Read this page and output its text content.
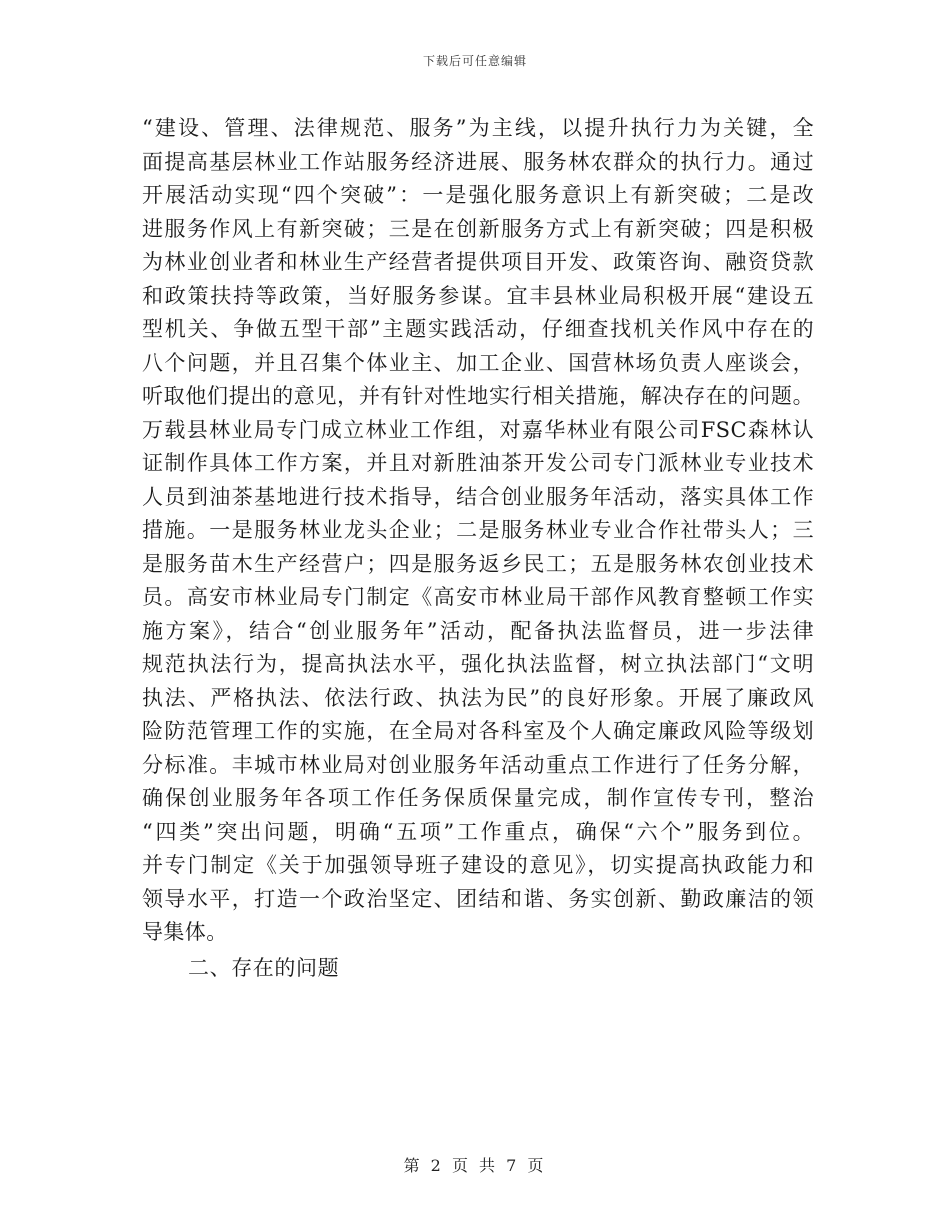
下载后可任意编辑
“建设、管理、法律规范、服务”为主线，以提升执行力为关键，全
面提高基层林业工作站服务经济进展、服务林农群众的执行力。通过
开展活动实现“四个突破”：一是强化服务意识上有新突破；二是改
进服务作风上有新突破；三是在创新服务方式上有新突破；四是积极
为林业创业者和林业生产经营者提供项目开发、政策咨询、融资贷款
和政策扶持等政策，当好服务参谋。宜丰县林业局积极开展“建设五
型机关、争做五型干部”主题实践活动，仔细查找机关作风中存在的
八个问题，并且召集个体业主、加工企业、国营林场负责人座谈会，
听取他们提出的意见，并有针对性地实行相关措施，解决存在的问题。
万载县林业局专门成立林业工作组，对嘉华林业有限公司FSC森林认
证制作具体工作方案，并且对新胜油茶开发公司专门派林业专业技术
人员到油茶基地进行技术指导，结合创业服务年活动，落实具体工作
措施。一是服务林业龙头企业；二是服务林业专业合作社带头人；三
是服务苗木生产经营户；四是服务返乡民工；五是服务林农创业技术
员。高安市林业局专门制定《高安市林业局干部作风教育整顿工作实
施方案》，结合“创业服务年”活动，配备执法监督员，进一步法律
规范执法行为，提高执法水平，强化执法监督，树立执法部门“文明
执法、严格执法、依法行政、执法为民”的良好形象。开展了廉政风
险防范管理工作的实施，在全局对各科室及个人确定廉政风险等级划
分标准。丰城市林业局对创业服务年活动重点工作进行了任务分解，
确保创业服务年各项工作任务保质保量完成，制作宣传专刊，整治
“四类”突出问题，明确“五项”工作重点，确保“六个”服务到位。
并专门制定《关于加强领导班子建设的意见》，切实提高执政能力和
领导水平，打造一个政治坚定、团结和谐、务实创新、勤政廉洁的领
导集体。
二、存在的问题
第 2 页 共 7 页
